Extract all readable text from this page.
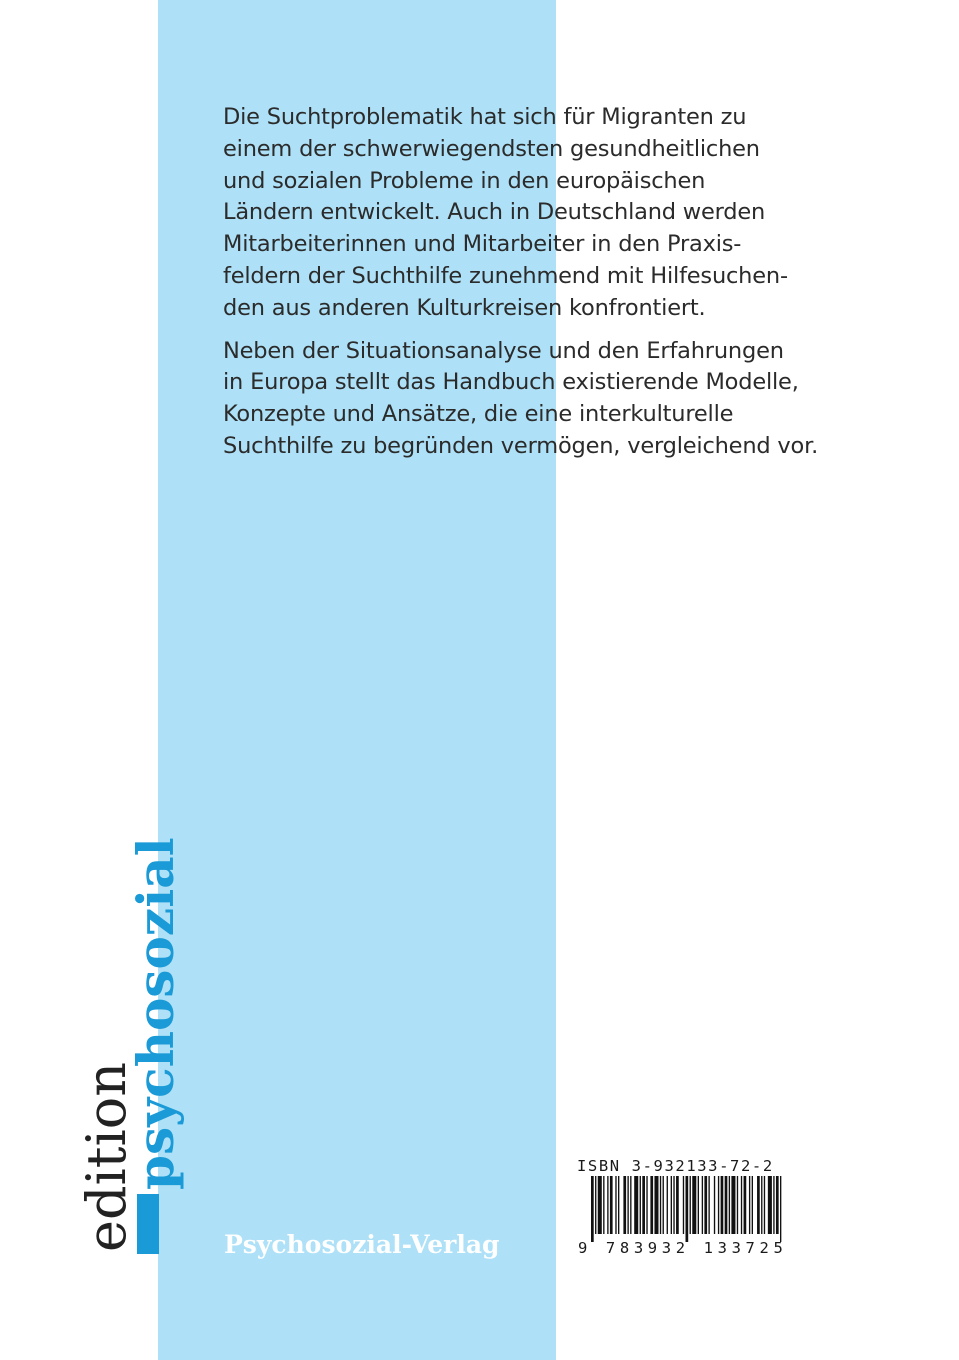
Die Suchtproblematik hat sich für Migranten zu
einem der schwerwiegendsten gesundheitlichen
und sozialen Probleme in den europäischen
Ländern entwickelt. Auch in Deutschland werden
Mitarbeiterinnen und Mitarbeiter in den Praxis-
feldern der Suchthilfe zunehmend mit Hilfesuchen-
den aus anderen Kulturkreisen konfrontiert.

Neben der Situationsanalyse und den Erfahrungen
in Europa stellt das Handbuch existierende Modelle,
Konzepte und Ansätze, die eine interkulturelle
Suchthilfe zu begründen vermögen, vergleichend vor.

edition
psychosozial
Psychosozial-Verlag
ISBN 3-932133-72-2
9 783932 133725
